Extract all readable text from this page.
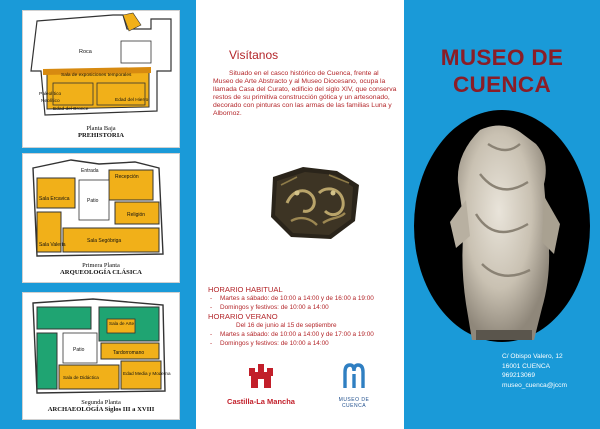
Roca
Sala de exposiciones temporales
Paleolítico
Neolítico
Edad del Bronce
Edad del Hierro
Planta Baja
PREHISTORIA
Entrada
Recepción
Sala Ercavica	Patio
Religión
Sala Segóbriga
Sala Valeria
Primera Planta
ARQUEOLOGÍA CLÁSICA
Sala de Arte
Patio	Tardorromano
Sala de Didáctica
Edad Media y Moderna
Segunda Planta
ARCHAEOLOGÍA Siglos III a XVIII
Visítanos
Situado en el casco histórico de Cuenca, frente al Museo de Arte Abstracto y al Museo Diocesano, ocupa la llamada Casa del Curato, edificio del siglo XIV, que conserva restos de su primitiva construcción gótica y un artesonado, decorado con pinturas con las armas de las familias Luna y Albornoz.
HORARIO HABITUAL
- Martes a sábado: de 10:00 a 14:00 y de 16:00 a 19:00
- Domingos y festivos: de 10:00 a 14:00
HORARIO VERANO
Del 16 de junio al 15 de septiembre
- Martes a sábado: de 10:00 a 14:00 y de 17:00 a 19:00
- Domingos y festivos: de 10:00 a 14:00
Castilla-La Mancha	MUSEO DE
CUENCA
MUSEO DE
CUENCA
C/ Obispo Valero, 12
16001 CUENCA
969213069
museo_cuenca@jccm
